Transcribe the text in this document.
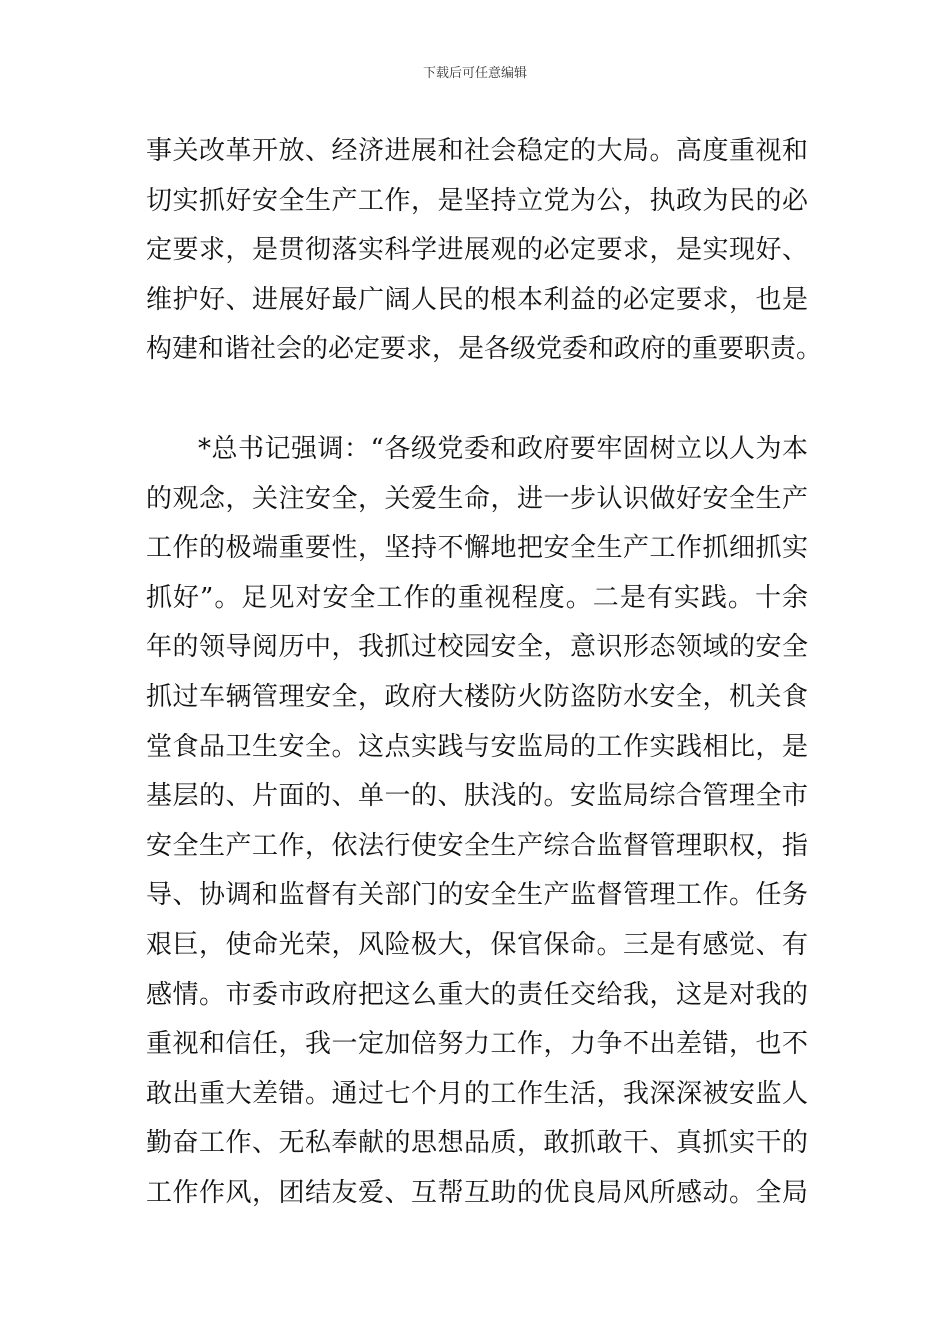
下载后可任意编辑
事关改革开放、经济进展和社会稳定的大局。高度重视和
切实抓好安全生产工作，是坚持立党为公，执政为民的必
定要求，是贯彻落实科学进展观的必定要求，是实现好、
维护好、进展好最广阔人民的根本利益的必定要求，也是
构建和谐社会的必定要求，是各级党委和政府的重要职责。
*总书记强调：“各级党委和政府要牢固树立以人为本
的观念，关注安全，关爱生命，进一步认识做好安全生产
工作的极端重要性，坚持不懈地把安全生产工作抓细抓实
抓好”。足见对安全工作的重视程度。二是有实践。十余
年的领导阅历中，我抓过校园安全，意识形态领域的安全
抓过车辆管理安全，政府大楼防火防盗防水安全，机关食
堂食品卫生安全。这点实践与安监局的工作实践相比，是
基层的、片面的、单一的、肤浅的。安监局综合管理全市
安全生产工作，依法行使安全生产综合监督管理职权，指
导、协调和监督有关部门的安全生产监督管理工作。任务
艰巨，使命光荣，风险极大，保官保命。三是有感觉、有
感情。市委市政府把这么重大的责任交给我，这是对我的
重视和信任，我一定加倍努力工作，力争不出差错，也不
敢出重大差错。通过七个月的工作生活，我深深被安监人
勤奋工作、无私奉献的思想品质，敢抓敢干、真抓实干的
工作作风，团结友爱、互帮互助的优良局风所感动。全局
